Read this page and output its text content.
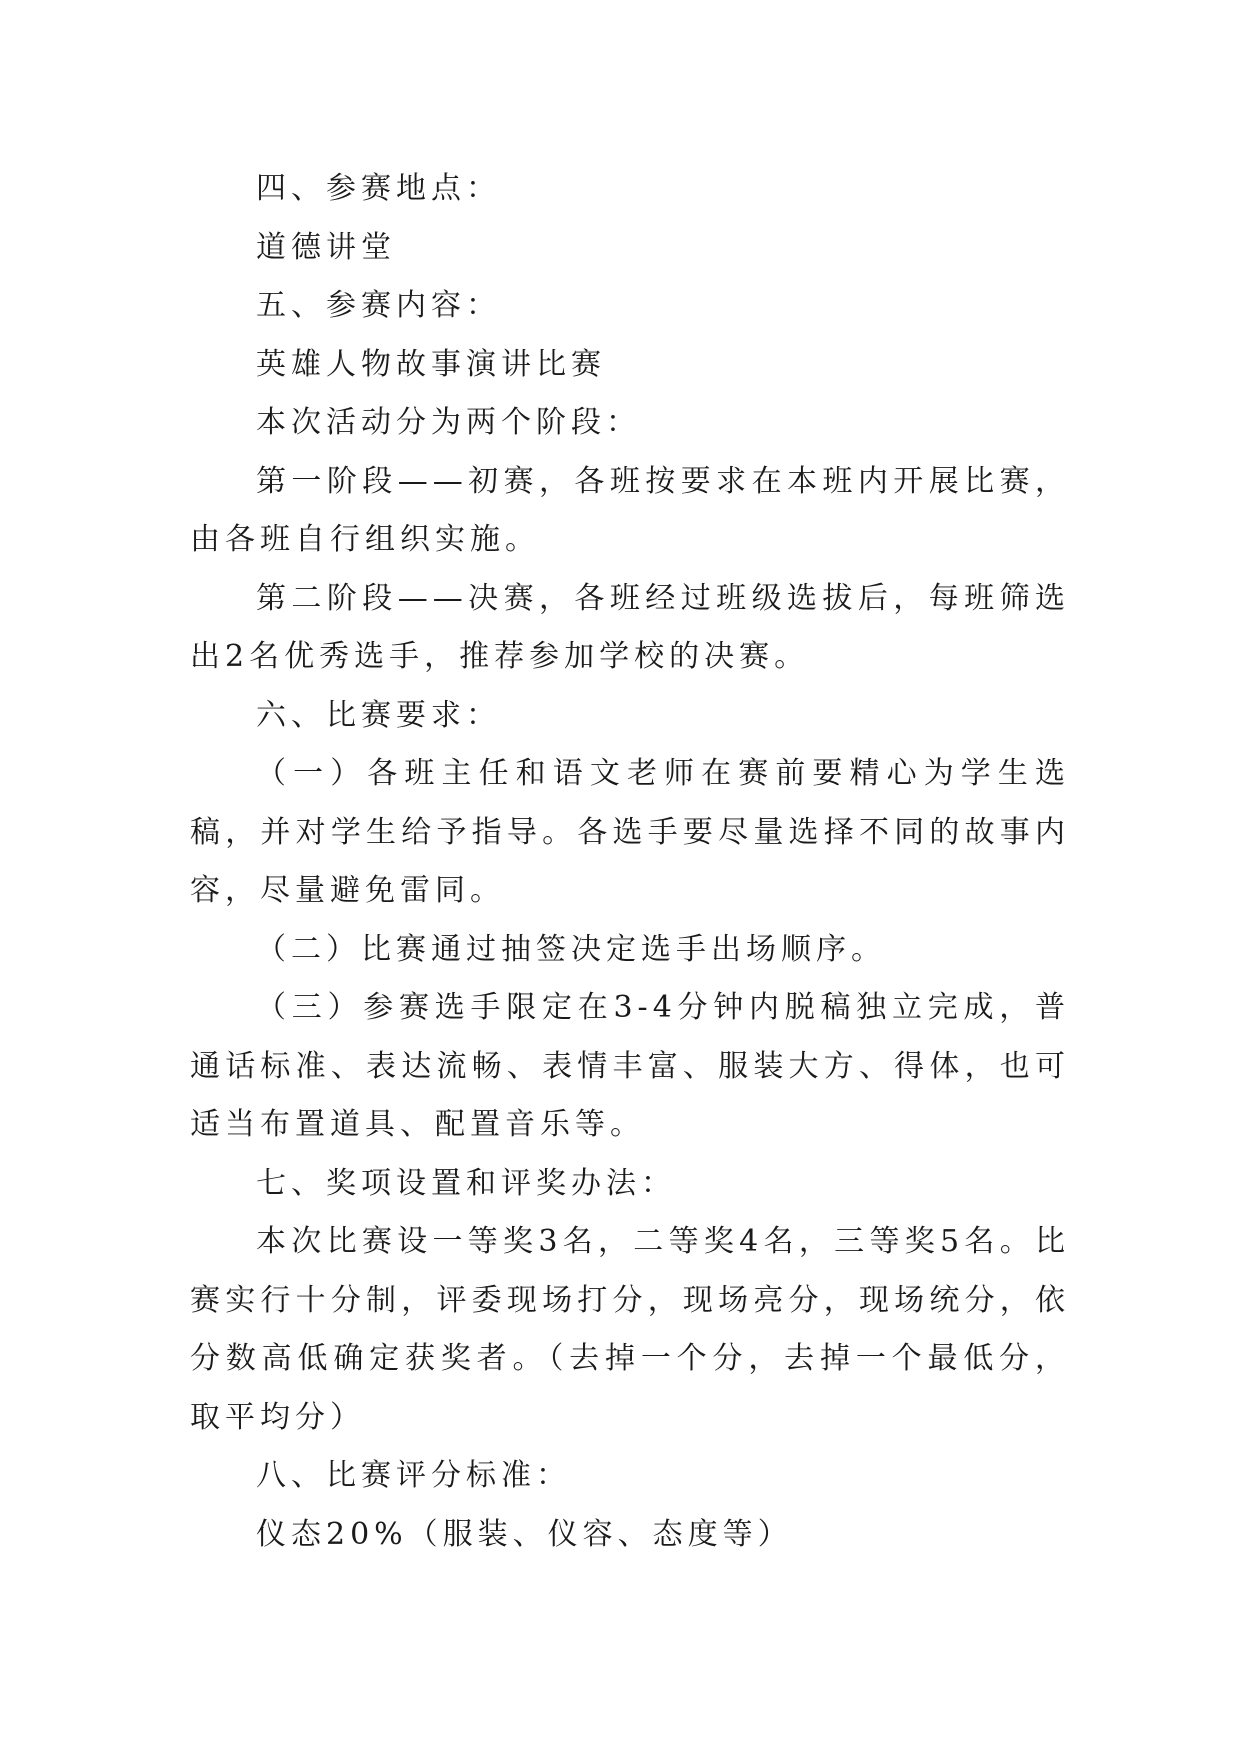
四、参赛地点：

道德讲堂

五、参赛内容：

英雄人物故事演讲比赛

本次活动分为两个阶段：

第一阶段——初赛，各班按要求在本班内开展比赛，由各班自行组织实施。

第二阶段——决赛，各班经过班级选拔后，每班筛选出2名优秀选手，推荐参加学校的决赛。

六、比赛要求：

（一）各班主任和语文老师在赛前要精心为学生选稿，并对学生给予指导。各选手要尽量选择不同的故事内容，尽量避免雷同。

（二）比赛通过抽签决定选手出场顺序。

（三）参赛选手限定在3-4分钟内脱稿独立完成，普通话标准、表达流畅、表情丰富、服装大方、得体，也可适当布置道具、配置音乐等。

七、奖项设置和评奖办法：

本次比赛设一等奖3名，二等奖4名，三等奖5名。比赛实行十分制，评委现场打分，现场亮分，现场统分，依分数高低确定获奖者。（去掉一个分，去掉一个最低分，取平均分）

八、比赛评分标准：

仪态20%（服装、仪容、态度等）
